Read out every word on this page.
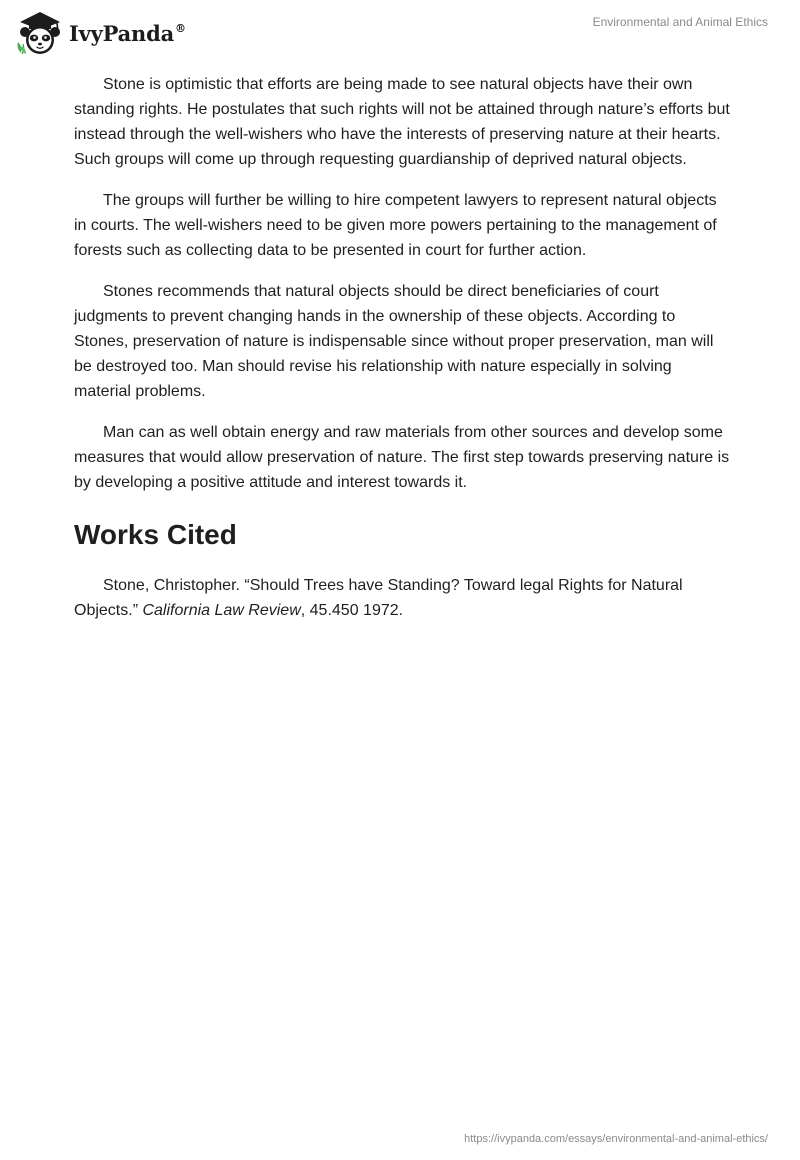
IvyPanda®	Environmental and Animal Ethics

Stone is optimistic that efforts are being made to see natural objects have their own standing rights. He postulates that such rights will not be attained through nature’s efforts but instead through the well-wishers who have the interests of preserving nature at their hearts. Such groups will come up through requesting guardianship of deprived natural objects.

The groups will further be willing to hire competent lawyers to represent natural objects in courts. The well-wishers need to be given more powers pertaining to the management of forests such as collecting data to be presented in court for further action.

Stones recommends that natural objects should be direct beneficiaries of court judgments to prevent changing hands in the ownership of these objects. According to Stones, preservation of nature is indispensable since without proper preservation, man will be destroyed too. Man should revise his relationship with nature especially in solving material problems.

Man can as well obtain energy and raw materials from other sources and develop some measures that would allow preservation of nature. The first step towards preserving nature is by developing a positive attitude and interest towards it.

Works Cited

Stone, Christopher. “Should Trees have Standing? Toward legal Rights for Natural Objects.” California Law Review, 45.450 1972.

https://ivypanda.com/essays/environmental-and-animal-ethics/
